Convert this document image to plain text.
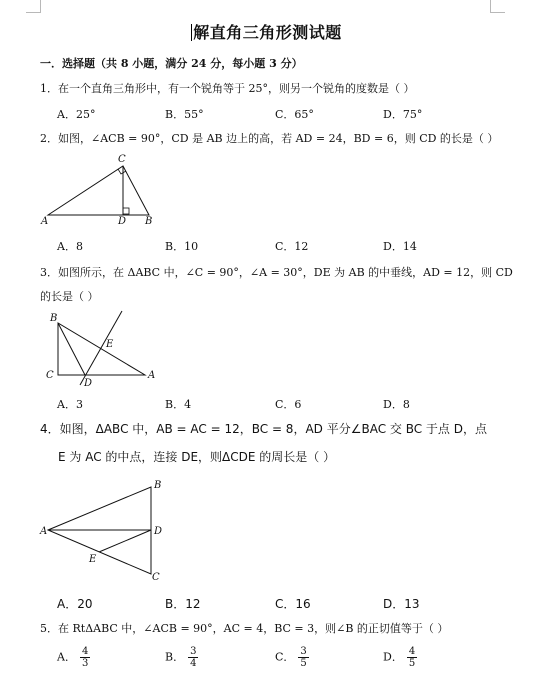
解直角三角形测试题
一．选择题（共 8 小题，满分 24 分，每小题 3 分）
1．在一个直角三角形中，有一个锐角等于 25°，则另一个锐角的度数是（ ）
A．25°	B．55°	C．65°	D．75°
2．如图，∠ACB = 90°，CD 是 AB 边上的高，若 AD = 24，BD = 6，则 CD 的长是（ ）
C
A	D B
A．8	B．10	C．12	D．14
3．如图所示，在 ΔABC 中，∠C = 90°，∠A = 30°，DE 为 AB 的中垂线，AD = 12，则 CD
的长是（ ）
B
E
C
D
A
A．3	B．4	C．6	D．8
4．如图，ΔABC 中，AB = AC = 12，BC = 8，AD 平分∠BAC 交 BC 于点 D，点
E 为 AC 的中点，连接 DE，则ΔCDE 的周长是（ ）
B
A	D
E
C
A．20	B．12	C．16	D．13
5．在 RtΔABC 中，∠ACB = 90°，AC = 4，BC = 3，则∠B 的正切值等于（ ）
A． $\frac{4}{3}$	B． $\frac{3}{4}$	C． $\frac{3}{5}$	D． $\frac{4}{5}$
